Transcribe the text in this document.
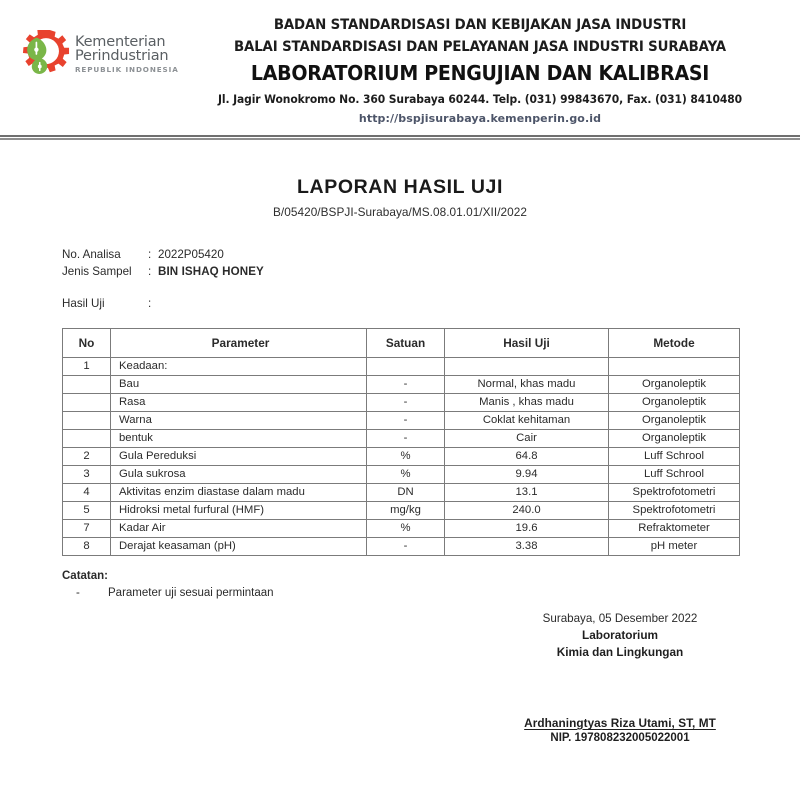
Kementerian
Perindustrian
REPUBLIK INDONESIA
BADAN STANDARDISASI DAN KEBIJAKAN JASA INDUSTRI
BALAI STANDARDISASI DAN PELAYANAN JASA INDUSTRI SURABAYA
LABORATORIUM PENGUJIAN DAN KALIBRASI
Jl. Jagir Wonokromo No. 360 Surabaya 60244. Telp. (031) 99843670, Fax. (031) 8410480
http://bspjisurabaya.kemenperin.go.id
LAPORAN HASIL UJI
B/05420/BSPJI-Surabaya/MS.08.01.01/XII/2022
No. Analisa	: 2022P05420
Jenis Sampel	: BIN ISHAQ HONEY
Hasil Uji	:
No	Parameter	Satuan	Hasil Uji	Metode
1	Keadaan:			
	Bau	-	Normal, khas madu	Organoleptik
	Rasa	-	Manis , khas madu	Organoleptik
	Warna	-	Coklat kehitaman	Organoleptik
	bentuk	-	Cair	Organoleptik
2	Gula Pereduksi	%	64.8	Luff Schrool
3	Gula sukrosa	%	9.94	Luff Schrool
4	Aktivitas enzim diastase dalam madu	DN	13.1	Spektrofotometri
5	Hidroksi metal furfural (HMF)	mg/kg	240.0	Spektrofotometri
7	Kadar Air	%	19.6	Refraktometer
8	Derajat keasaman (pH)	-	3.38	pH meter
Catatan:
-	Parameter uji sesuai permintaan
Surabaya, 05 Desember 2022
Laboratorium
Kimia dan Lingkungan
Ardhaningtyas Riza Utami, ST, MT
NIP. 197808232005022001
